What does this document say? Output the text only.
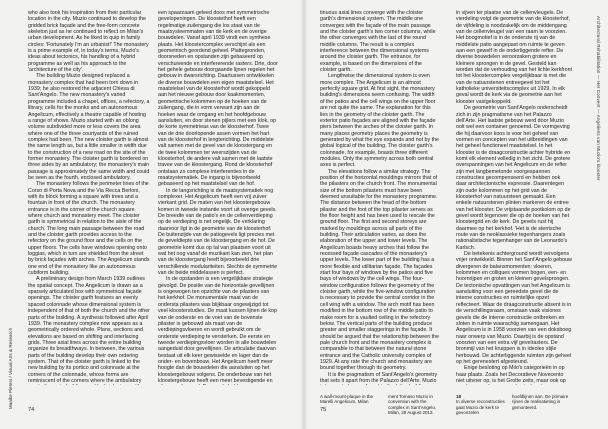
who also took his inspiration from their particular location in the city. Muzio continued to develop the gridded brick façade and the free-form concrete skeleton just as he continued to reflect on Milan's urban development. As he liked to quip in family circles: 'Fortunately I'm an urbanist!' The monastery is a prime example of, in today's terms, Muzio's ideas about tectonics, his handling of a hybrid programme as well as his approach to the 'architecture of the city'.

The building Muzio designed replaced a monastery complex that had been torn down in 1939; he also restored the adjacent Chiesa di Sant'Angelo. The new monastery's varied programme included a chapel, offices, a refectory, a library, cells for the monks and an autonomous Angelicum, effectively a theatre capable of hosting a range of shows. Muzio started with an oblong volume subdivided more or less covers the area where one of the three courtyards of the ruined complex had been. The new cloister garth is almost the same length as, but a little smaller in width due to the construction of a new road on the site of the former monastery. The cloister garth is bordered on three sides by an ambulatory; the monastery's main passage is approximately the same width and could be seen as the fourth, enclosed ambulatory.

The monastery follows the perimeter lines of the Corso di Porta Nova and the Via Recca Berloni, with its block forming a square with trees and a fountain in front of the church. The monastery entrance is in the corner of the church square where church and monastery meet. The cloister garth is symmetrical in relation to the aisle of the church. The long main passage between the road and the cloister garth provides access to the refectory on the ground floor and the cells on the upper floors. The cells have windows opening onto loggias, which in turn are shielded from the street by brick façades with arches. The Angelicum stands one end of the monastery like an autonomous cubiform building.

A preliminary design from March 1939 outlines the spatial concept. The Angelicum is drawn as a sparsely articulated box with symmetrical façade openings. The cloister garth features an evenly spaced colonnade whose dimensional system is independent of that of both the church and the other parts of the building. A synthesis followed after April 1939. The monastery complex now appears as a geometrically ordered whole. Plans, sections and elevations are based on shifting and interlacing grids. Three axial lines across the entire building organize its breadthways. In between, the various parts of the building develop their own ordering system. That of the cloister garth is linked to the new building by its portico and colonnade at the corners of the colonnade, whose forms are reminiscent of the corners where the ambulatory

een spaarzaam geleed doos met symmetrische gevelopeningen. De kloostethof heeft een regelmatige zuilengang die los staat van de maatsysteemmaten van de kerk en de overige bouwdelen. Vanaf april 1939 vindt een synthese plaats. Het kloostercomplex verschijnt als een geometrisch geordend geheel. Plattegronden, doorsneden en opstanden zijn gebaseerd op verschuivende en interfererende rasters. Drie, door het gehele gebouw doorgaande lijnen regelen het gebouw in dwarsrichting. Daartussen ontwikkelen de diverse bouwdelen een eigen maatstelsel. Het maatstelsel van de kloosterhof wordt gekoppeld aan het nieuwe gebouw door kaakmomenten, geometrische kolommen op de hoeken van de zuilengang, die in vorm verwant zijn aan de hoeken waar de omgang en het hoofdgebouw aansluiten, en door stenen pijlers met een klok, op de korte symmetrieas van de kloosterhof. Twee van de drie doorlopende assen vormen het hart van de kloosterhof in lengterichting. De middelste valt samen met de gevel van de kloostergang en de twee kolommen ter weerszijden van de kloosterhof, de andere valt samen met de laatste travee van de kloostergang. Rond de kloosterhof ontstaan zo complexe interferenties in de maatsystematiek. De ingang is bijvoorbeeld gebaseerd op het maatstelsel van de hof.

In de langsrichting is de maatsystematiek nog complexer. Het Angelicum heeft een vrij zuiver vierkant grid. De maten van het kloostergebouw komen in tweede instantie voort uit overige gevels. De breedte van de patio's en de cellenverdieping op de verdieping is net ongelijk. De verklaring daarvoor ligt in de geometrie van de kloosterhof. De buitenzijde van de patiogevels ligt precies met de geveldiepte van de kloostergang en de hof. De geometrie komt dus op tal van plaatsen voort uit wat het oog vanaf de muzikant kan zien, het plan van de kloostergang heeft bijvoorbeeld drie verschillende modulariteiten. Slechts de symmetrie van de beide middelassen is perfect.

In de opstanden is een vergelijkbare strategie gevolgd. De positie van de horizontale gevellijnen is ongewogen ten opzichte van de pilasters van het kerkhof. De monumentale maat van de ondersta pilasters was blijkbaar ongewijzigd tot veel kloosterstudies. De maat kussen lijnen de kop van de onderste en de voet van de bovenste pilaster is gebouwd als maat van de verdiepingsvloeren en wordt gebruikt om de onderste verdieping te versterken. De eerste en tweede verdiepingsvloer worden in alle bouwdelen aangeduid door gevellijnen. De articulatie daarvan bestaat uit elk keer gewisselde en lager dan de onder- en bovenbouw. Het Angelicum heeft meer hoogte dan de bouwdelen die aansluiten op het kloostergebouw volgens. De onderbouw van het kloostergebouw heeft een meer bevestigende en

Maaike Pieters / Visual Arts & Research
74

tinuous axial lines converge with the cloister garth's dimensional system. The middle one converges with the façade of the main passage and the cloister garth's two corner columns, while the other converges with the last of the round middle columns. The result is a complex interference between the dimensional systems around the cloister garth. The entrance, for example, is based on the dimensions of the cloister garth.

Lengthwise the dimensional system is even more complex. The Angelicum is an almost perfectly square grid. At first sight, the monastery building's dimensions seem confusing. The width of the patios and the cell wings on the upper floor are not quite the same. The explanation for this lies in the geometry of the cloister garth. The exterior patio façades are aligned with the façade piers between the arches of the cloister garth. In many places geometry places the geometry is generated by what the eye expands and not by the global logical of the building. The cloister garth's colonnade, for example, boasts three different modules. Only the symmetry across both central axes is perfect.

The elevations follow a similar strategy. The position of the horizontal mouldings mirrors that of the pilasters on the church front. The monumental size of the bottom pilasters must have been deemed unsuitable for the monastery programme. The distance between the head of the bottom pilaster and the foot of the top pilaster serves as the floor height and has been used to rescale the ground floor. The first and second storeys are marked by mouldings across all parts of the building. Their articulation varies, as does the elaboration of the upper and lower levels. The Angelicum boasts heavy arches that follow the recessed façade cascades of the monastery's upper levels. The lower part of the building has a more flexible and utilitarian façade. The façades start four bays of windows by the patios and five bays of windows by the cell wings. The four-window configuration follows the geometry of the cloister garth, while the five-window configuration is necessary to provide the central corridor in the cell wing with a window. The arch motif has been modified in the bottom row of the middle patio to make room for a vaulted ceiling in the refectory below. The vertical parts of the building produce greater and smaller staggerings in the façade. It should be argued that the relationship between the pale church front and the monastery complex is comparable to that between the natural stone entrance and the Catholic university complex of 1929. At any rate the church and monastery are bound together through its geometry.

It is the pragmatism of Sant'Angelo's geometry that sets it apart from the Palazzo dell'Arte. Muzio

in vijven ter plaatse van de cellenvleugels. De vierdeling volgt de geometrie van de kloosterhof, de vijfdeling is noodzakelijk om de middengang van de cellenvleugel van een raam te voorzien. Het boogmotief is in de onderste rij van de middelste patio aangepast om ruimte te geven aan een gewelf in de onderliggende refter. De diverse bouwdelen veroorzaken grotere en kleinere sprongen in de gevel. Gesteld kan worden dat de verhouding van het lichte kerkfront tot het kloostercomplex vergelijkbaar is met die van de natuurstenen entreegevel tot het katholieke universiteitscomplex uit 1929. In elk geval wordt de kerk via de geometrie aan het klooster vastgekoppeld.

De geometrie van Sant'Angelo onderscheidt zich in zijn pragmatisme van het Palazzo dell'Arte. Het laatste gebouw werd door Muzio ooit wel een container genoemd. De vormgeving die hij daarvoor koos is voor het geheel van vormen en concepten van het uitbreidingen van het geheel functioneel maatstelsel. In het klooster is de draagconstructie achter hybride en komt elk element volledig in het zicht. De grotere overspanningen van het Angelicum en de refter zijn met langbemetonde voorgespannen constructies gecompenseerd en hebben ook daar architectonische expressie. Daarentegen zijn oude kolommen op het grid van de kloosterhof van natuursteen gemaakt. Een enkele natuurstenen plinten markeren de entree van het klooster. De vrijstaande pootkolom op de gevel wordt tegenover die op de hoeken van het kloostergrid en de kerk. De gevels rust hij daarmee op het kerkhof. 'Het is de sterrische route van de neoklassieke tegenhangers zoals rationalistische tegenhanger van de Leonardo's Karlsch.

De betekenis achterground wordt vervolgens vrijer ontwikkeld. Binnen het Sant'Angelo gebouw divergeren de balansmomenten: vloeren, kolommen en colliques vormen bogen, een- en hoornrijpen en groten en kleinen gevelsprongen. De tectonische opvattingen van het Angelicum is aansluiting voor een gereedste gevel die de interne constructies en ruimtelijke opzet reflecteert. Waar de draagconstructie absent is in de verschillingsraam, omstaan vaak visiones gevels die de interne constructie ontbreken en sloten in ruimte waarachtig samengaan. Het Angelicum is in 1958 voorzien van een doksboeg naar onwerp van Muzio. Daarbij is de opstand voorzien van een extra vijf gevelrasters. De bronmijl van het kruippen is in ideoles stijle herbouwd. De achterliggende ruimten zijn geheel op het gerenestert afgesteund.

Enige besloting op Milo's categorieën in op haar plaats. Zoals het Decoratieve Novecento niet uitvoer op, is het Grotte zeits, maar ook op

Architectural Rehabilitation — Het Convent — Angeliens van Muzio's klooster
75
A wall-mount-plaque in the Marelli Angelicum, Milan
ment Tomaso Muzio in convention with the complex in Sant'Angelo, Milan, 28 August 2013.
18
In diverse reconstructies gaat Muzio de kerk te gevonzelen
hoofdlijnen aan. De primaire rijnen de realisatieting is gemonteerd.
